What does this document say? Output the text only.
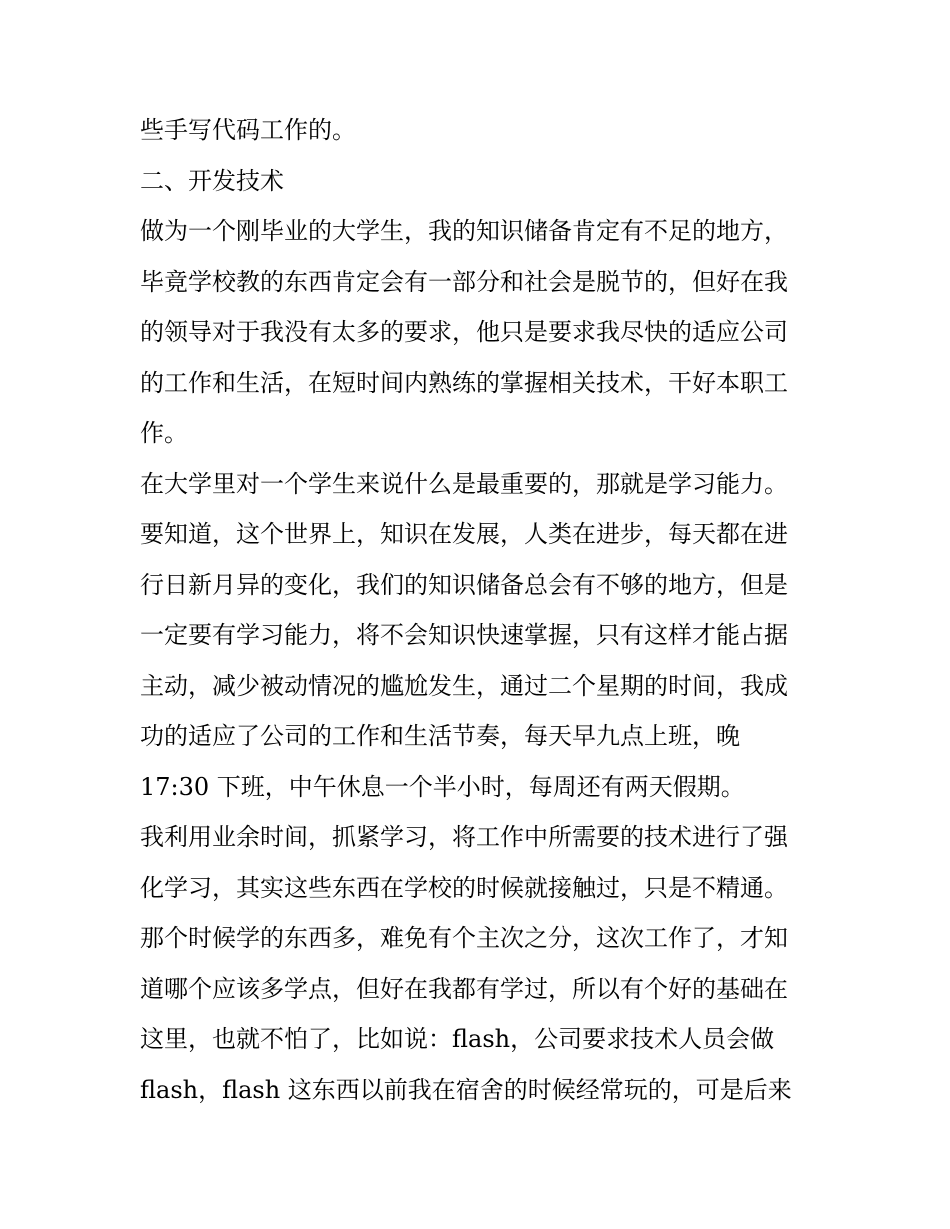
些手写代码工作的。
二、开发技术
做为一个刚毕业的大学生，我的知识储备肯定有不足的地方，
毕竟学校教的东西肯定会有一部分和社会是脱节的，但好在我
的领导对于我没有太多的要求，他只是要求我尽快的适应公司
的工作和生活，在短时间内熟练的掌握相关技术，干好本职工
作。
在大学里对一个学生来说什么是最重要的，那就是学习能力。
要知道，这个世界上，知识在发展，人类在进步，每天都在进
行日新月异的变化，我们的知识储备总会有不够的地方，但是
一定要有学习能力，将不会知识快速掌握，只有这样才能占据
主动，减少被动情况的尴尬发生，通过二个星期的时间，我成
功的适应了公司的工作和生活节奏，每天早九点上班，晚
17:30 下班，中午休息一个半小时，每周还有两天假期。
我利用业余时间，抓紧学习，将工作中所需要的技术进行了强
化学习，其实这些东西在学校的时候就接触过，只是不精通。
那个时候学的东西多，难免有个主次之分，这次工作了，才知
道哪个应该多学点，但好在我都有学过，所以有个好的基础在
这里，也就不怕了，比如说：flash，公司要求技术人员会做
flash，flash 这东西以前我在宿舍的时候经常玩的，可是后来
